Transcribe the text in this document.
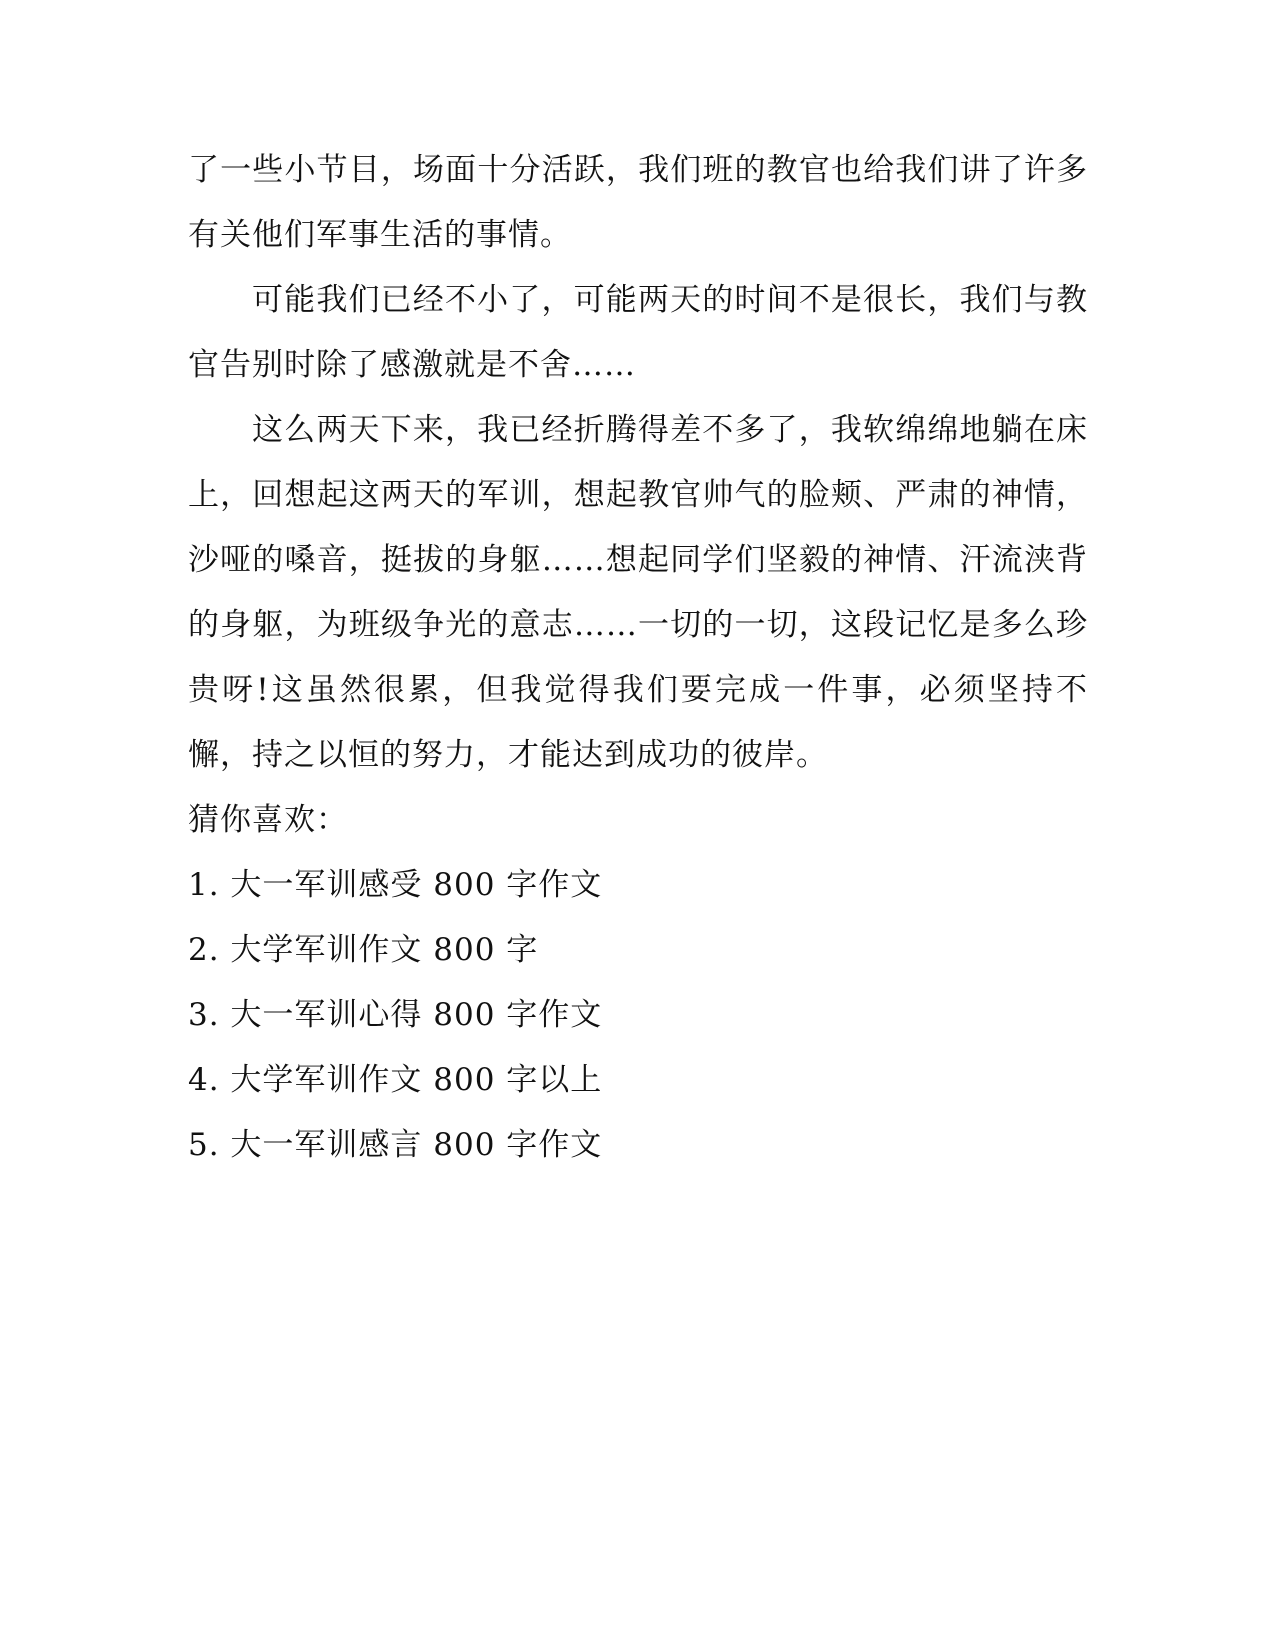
了一些小节目，场面十分活跃，我们班的教官也给我们讲了许多有关他们军事生活的事情。

可能我们已经不小了，可能两天的时间不是很长，我们与教官告别时除了感激就是不舍……

这么两天下来，我已经折腾得差不多了，我软绵绵地躺在床上，回想起这两天的军训，想起教官帅气的脸颊、严肃的神情，沙哑的嗓音，挺拔的身躯……想起同学们坚毅的神情、汗流浃背的身躯，为班级争光的意志……一切的一切，这段记忆是多么珍贵呀!这虽然很累，但我觉得我们要完成一件事，必须坚持不懈，持之以恒的努力，才能达到成功的彼岸。

猜你喜欢：

1. 大一军训感受 800 字作文
2. 大学军训作文 800 字
3. 大一军训心得 800 字作文
4. 大学军训作文 800 字以上
5. 大一军训感言 800 字作文
